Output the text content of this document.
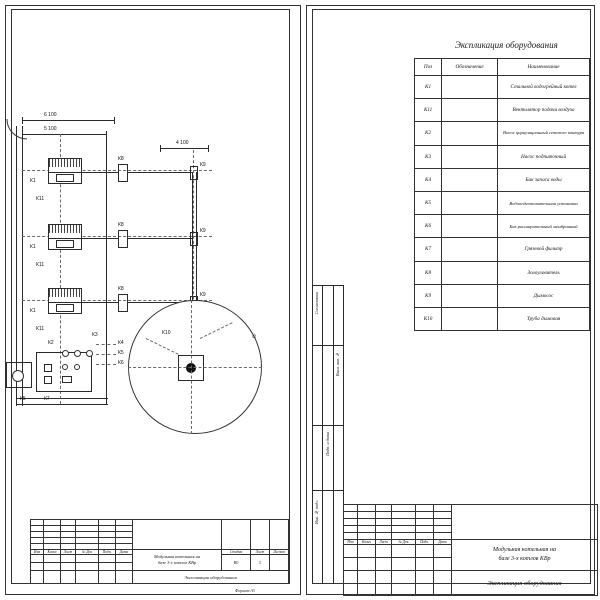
6 100
5 100
4 100
К1
К11
К8
К9
К1
К11
К8
К9
К1
К11
К8
К9
К10
∅
К2
К3
К4
К5
К6
К5	К7

Изм	Колич	Лист	№ Док	Подп.	Дата	Модульная котельная на
базе 3-х котлов КВр	Стадия	Лист	Листов
							ВО	5	

						Экспликация оборудования			
Формат А3
Экспликация оборудования
Поз	Обозначение	Наименование
К1		Стальной водогрейный котел
К11		Вентилятор подачи воздуха
К2		Насос циркуляционный сетевого контура
К3		Насос подпиточный
К4		Бак запаса воды
К5		Водоподготовительная установка
К6		Бак расширительный мембранный
К7		Грязевой фильтр
К8		Золоуловитель
К9		Дымосос
К10		Труба дымовая
Инв. № подл.
Подп. и дата
Взам. инв. №
Согласовано

Изм	Колич	Лист	№ Док	Подп.	Дата	Модульная котельная на
базе 3-х котлов КВр

						Экспликация оборудования
